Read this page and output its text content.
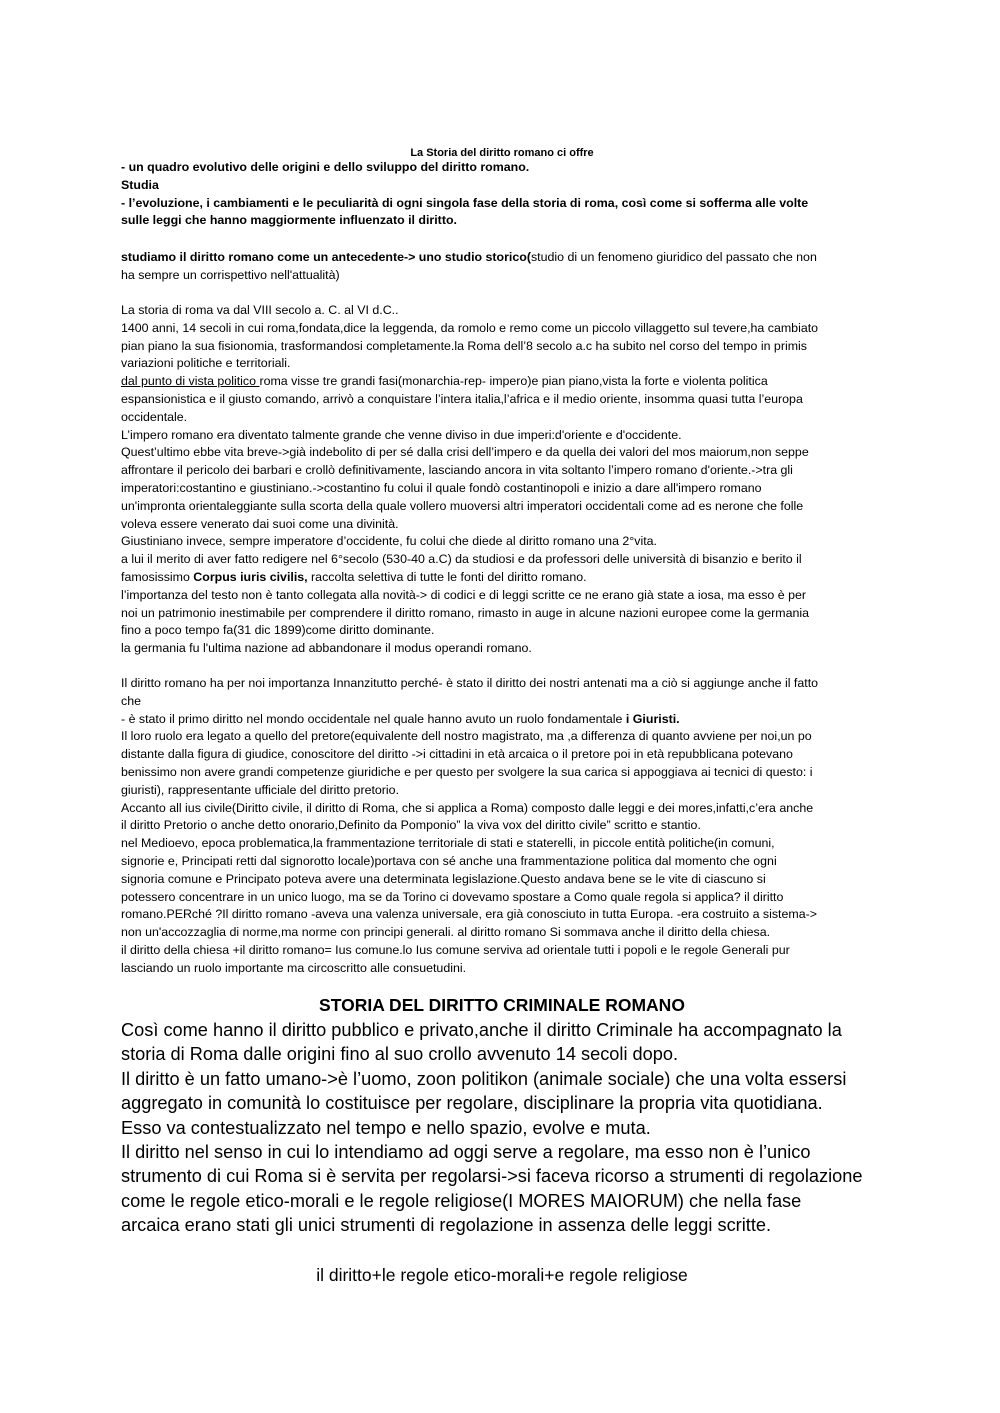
La Storia del diritto romano ci offre
- un quadro evolutivo delle origini e dello sviluppo del diritto romano.
Studia
- l’evoluzione, i cambiamenti e le peculiarità di ogni singola fase della storia di roma, così come si sofferma alle volte
sulle leggi che hanno maggiormente influenzato il diritto.
studiamo il diritto romano come un antecedente-> uno studio storico(studio di un fenomeno giuridico del passato che non
ha sempre un corrispettivo nell'attualità)
La storia di roma va dal VIII secolo a. C. al VI d.C..
1400 anni, 14 secoli in cui roma,fondata,dice la leggenda, da romolo e remo come un piccolo villaggetto sul tevere,ha cambiato
pian piano la sua fisionomia, trasformandosi completamente.la Roma dell’8 secolo a.c ha subito nel corso del tempo in primis
variazioni politiche e territoriali.
dal punto di vista politico roma visse tre grandi fasi(monarchia-rep- impero)e pian piano,vista la forte e violenta politica
espansionistica e il giusto comando, arrivò a conquistare l’intera italia,l’africa e il medio oriente, insomma quasi tutta l’europa
occidentale.
L’impero romano era diventato talmente grande che venne diviso in due imperi:d'oriente e d'occidente.
Quest’ultimo ebbe vita breve->già indebolito di per sé dalla crisi dell’impero e da quella dei valori del mos maiorum,non seppe
affrontare il pericolo dei barbari e crollò definitivamente, lasciando ancora in vita soltanto l’impero romano d'oriente.->tra gli
imperatori:costantino e giustiniano.->costantino fu colui il quale fondò costantinopoli e inizio a dare all'impero romano
un'impronta orientaleggiante sulla scorta della quale vollero muoversi altri imperatori occidentali come ad es nerone che folle
voleva essere venerato dai suoi come una divinità.
Giustiniano invece, sempre imperatore d’occidente, fu colui che diede al diritto romano una 2°vita.
a lui il merito di aver fatto redigere nel 6°secolo (530-40 a.C) da studiosi e da professori delle università di bisanzio e berito il
famosissimo Corpus iuris civilis, raccolta selettiva di tutte le fonti del diritto romano.
l’importanza del testo non è tanto collegata alla novità-> di codici e di leggi scritte ce ne erano già state a iosa, ma esso è per
noi un patrimonio inestimabile per comprendere il diritto romano, rimasto in auge in alcune nazioni europee come la germania
fino a poco tempo fa(31 dic 1899)come diritto dominante.
la germania fu l'ultima nazione ad abbandonare il modus operandi romano.
Il diritto romano ha per noi importanza Innanzitutto perché- è stato il diritto dei nostri antenati ma a ciò si aggiunge anche il fatto
che
- è stato il primo diritto nel mondo occidentale nel quale hanno avuto un ruolo fondamentale i Giuristi.
Il loro ruolo era legato a quello del pretore(equivalente dell nostro magistrato, ma ,a differenza di quanto avviene per noi,un po
distante dalla figura di giudice, conoscitore del diritto ->i cittadini in età arcaica o il pretore poi in età repubblicana potevano
benissimo non avere grandi competenze giuridiche e per questo per svolgere la sua carica si appoggiava ai tecnici di questo: i
giuristi), rappresentante ufficiale del diritto pretorio.
Accanto all ius civile(Diritto civile, il diritto di Roma, che si applica a Roma) composto dalle leggi e dei mores,infatti,c’era anche
il diritto Pretorio o anche detto onorario,Definito da Pomponio” la viva vox del diritto civile” scritto e stantio.
nel Medioevo, epoca problematica,la frammentazione territoriale di stati e staterelli, in piccole entità politiche(in comuni,
signorie e, Principati retti dal signorotto locale)portava con sé anche una frammentazione politica dal momento che ogni
signoria comune e Principato poteva avere una determinata legislazione.Questo andava bene se le vite di ciascuno si
potessero concentrare in un unico luogo, ma se da Torino ci dovevamo spostare a Como quale regola si applica? il diritto
romano.PERché ?Il diritto romano -aveva una valenza universale, era già conosciuto in tutta Europa. -era costruito a sistema->
non un'accozzaglia di norme,ma norme con principi generali. al diritto romano Si sommava anche il diritto della chiesa.
il diritto della chiesa +il diritto romano= Ius comune.lo Ius comune serviva ad orientale tutti i popoli e le regole Generali pur
lasciando un ruolo importante ma circoscritto alle consuetudini.
STORIA DEL DIRITTO CRIMINALE ROMANO
Così come hanno il diritto pubblico e privato,anche il diritto Criminale ha accompagnato la
storia di Roma dalle origini fino al suo crollo avvenuto 14 secoli dopo.
Il diritto è un fatto umano->è l’uomo, zoon politikon (animale sociale) che una volta essersi
aggregato in comunità lo costituisce per regolare, disciplinare la propria vita quotidiana.
Esso va contestualizzato nel tempo e nello spazio, evolve e muta.
Il diritto nel senso in cui lo intendiamo ad oggi serve a regolare, ma esso non è l’unico
strumento di cui Roma si è servita per regolarsi->si faceva ricorso a strumenti di regolazione
come le regole etico-morali e le regole religiose(I MORES MAIORUM) che nella fase
arcaica erano stati gli unici strumenti di regolazione in assenza delle leggi scritte.
il diritto+le regole etico-morali+e regole religiose
